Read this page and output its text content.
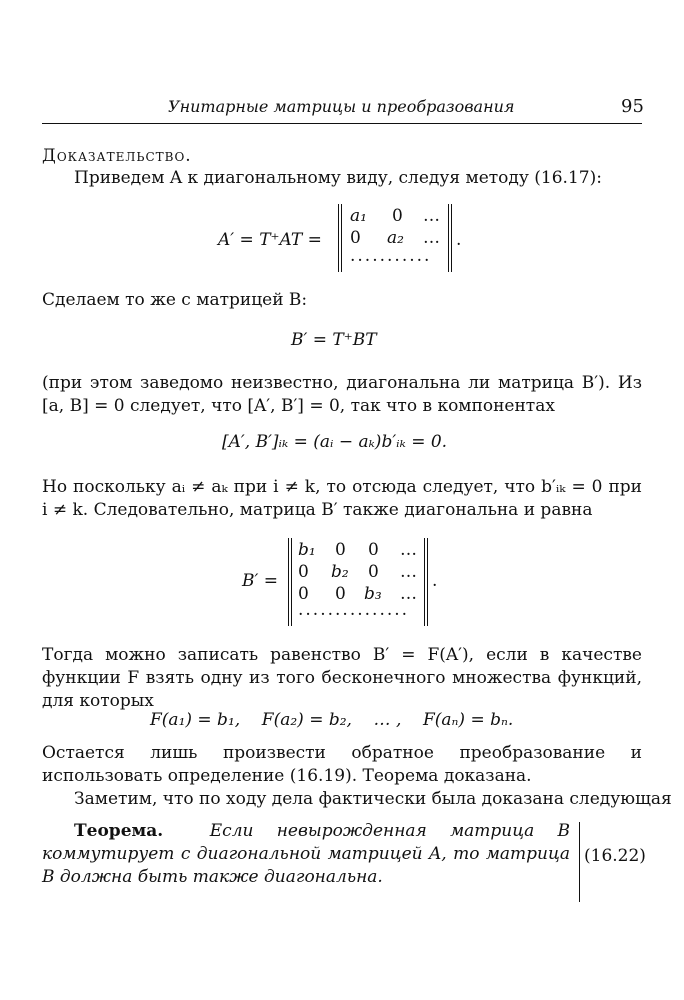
Унитарные матрицы и преобразования	95
Доказательство.
Приведем A к диагональному виду, следуя методу (16.17):
A′ = T⁺AT =
a₁ 0 …
0 a₂ …
...........
.
Сделаем то же с матрицей B:
B′ = T⁺BT
(при этом заведомо неизвестно, диагональна ли матрица B′). Из [a, B] = 0 следует, что [A′, B′] = 0, так что в компонентах
[A′, B′]ᵢₖ = (aᵢ − aₖ)b′ᵢₖ = 0.
Но поскольку aᵢ ≠ aₖ при i ≠ k, то отсюда следует, что b′ᵢₖ = 0 при i ≠ k. Следовательно, матрица B′ также диагональна и равна
B′ =
b₁ 0 0 …
0 b₂ 0 …
0 0 b₃ …
...............
.
Тогда можно записать равенство B′ = F(A′), если в качестве функции F взять одну из того бесконечного множества функций, для которых
F(a₁) = b₁,    F(a₂) = b₂,    … ,    F(aₙ) = bₙ.
Остается лишь произвести обратное преобразование и использовать определение (16.19). Теорема доказана.
Заметим, что по ходу дела фактически была доказана следующая
Теорема.	Если невырожденная матрица B коммутирует с диагональной матрицей A, то матрица B должна быть также диагональна.
(16.22)
